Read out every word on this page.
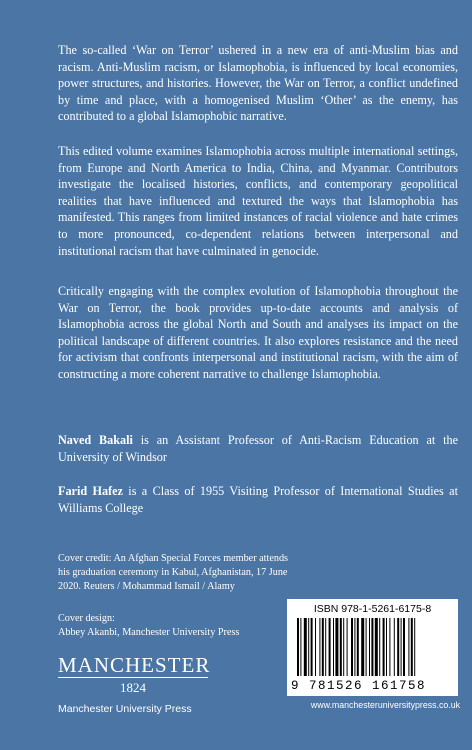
The so-called ‘War on Terror’ ushered in a new era of anti-Muslim bias and racism. Anti-Muslim racism, or Islamophobia, is influenced by local economies, power structures, and histories. However, the War on Terror, a conflict undefined by time and place, with a homogenised Muslim ‘Other’ as the enemy, has contributed to a global Islamophobic narrative.

This edited volume examines Islamophobia across multiple international settings, from Europe and North America to India, China, and Myanmar. Contributors investigate the localised histories, conflicts, and contemporary geopolitical realities that have influenced and textured the ways that Islamophobia has manifested. This ranges from limited instances of racial violence and hate crimes to more pronounced, co-dependent relations between interpersonal and institutional racism that have culminated in genocide.

Critically engaging with the complex evolution of Islamophobia throughout the War on Terror, the book provides up-to-date accounts and analysis of Islamophobia across the global North and South and analyses its impact on the political landscape of different countries. It also explores resistance and the need for activism that confronts interpersonal and institutional racism, with the aim of constructing a more coherent narrative to challenge Islamophobia.

Naved Bakali is an Assistant Professor of Anti-Racism Education at the University of Windsor

Farid Hafez is a Class of 1955 Visiting Professor of International Studies at Williams College

Cover credit: An Afghan Special Forces member attends his graduation ceremony in Kabul, Afghanistan, 17 June 2020. Reuters / Mohammad Ismail / Alamy

Cover design:
Abbey Akanbi, Manchester University Press

MANCHESTER
1824
Manchester University Press
ISBN 978-1-5261-6175-8
9 781526 161758
www.manchesteruniversitypress.co.uk
